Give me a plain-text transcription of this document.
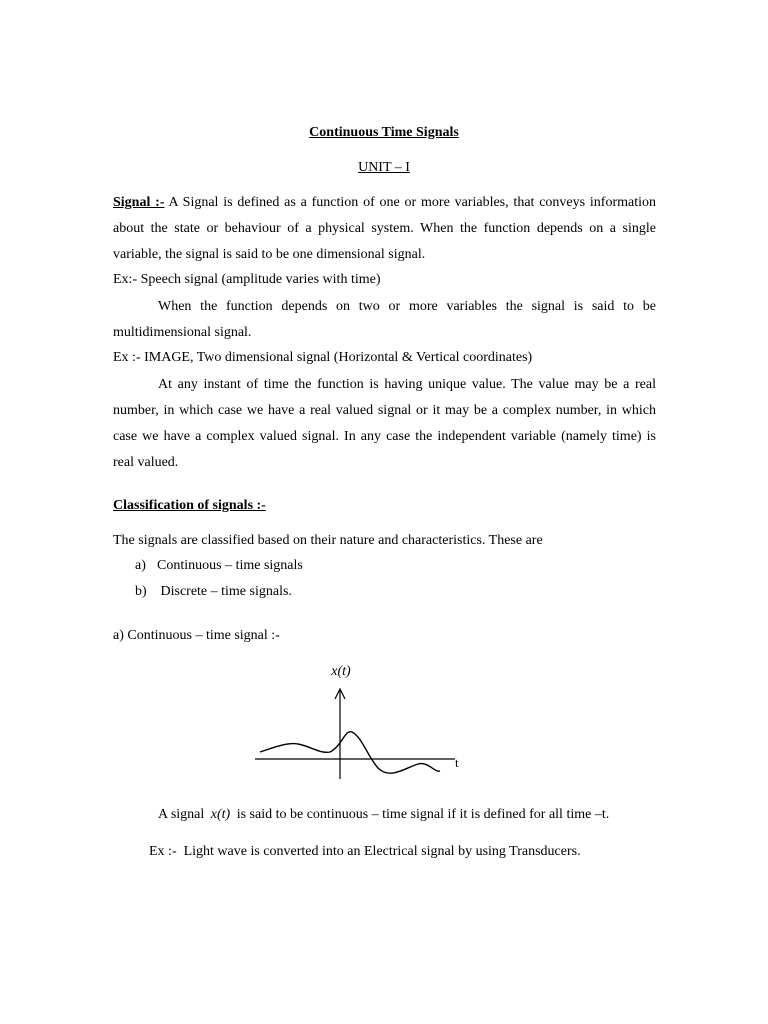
Continuous Time Signals
UNIT – I

Signal :- A Signal is defined as a function of one or more variables, that conveys information about the state or behaviour of a physical system. When the function depends on a single variable, the signal is said to be one dimensional signal.

Ex:- Speech signal (amplitude varies with time)

When the function depends on two or more variables the signal is said to be multidimensional signal.

Ex :- IMAGE, Two dimensional signal (Horizontal & Vertical coordinates)

At any instant of time the function is having unique value. The value may be a real number, in which case we have a real valued signal or it may be a complex number, in which case we have a complex valued signal. In any case the independent variable (namely time) is real valued.

Classification of signals :-
The signals are classified based on their nature and characteristics. These are
a) Continuous – time signals
b) Discrete – time signals.
a) Continuous – time signal :-
x(t)
t
A signal x(t) is said to be continuous – time signal if it is defined for all time –t.
Ex :-  Light wave is converted into an Electrical signal by using Transducers.
